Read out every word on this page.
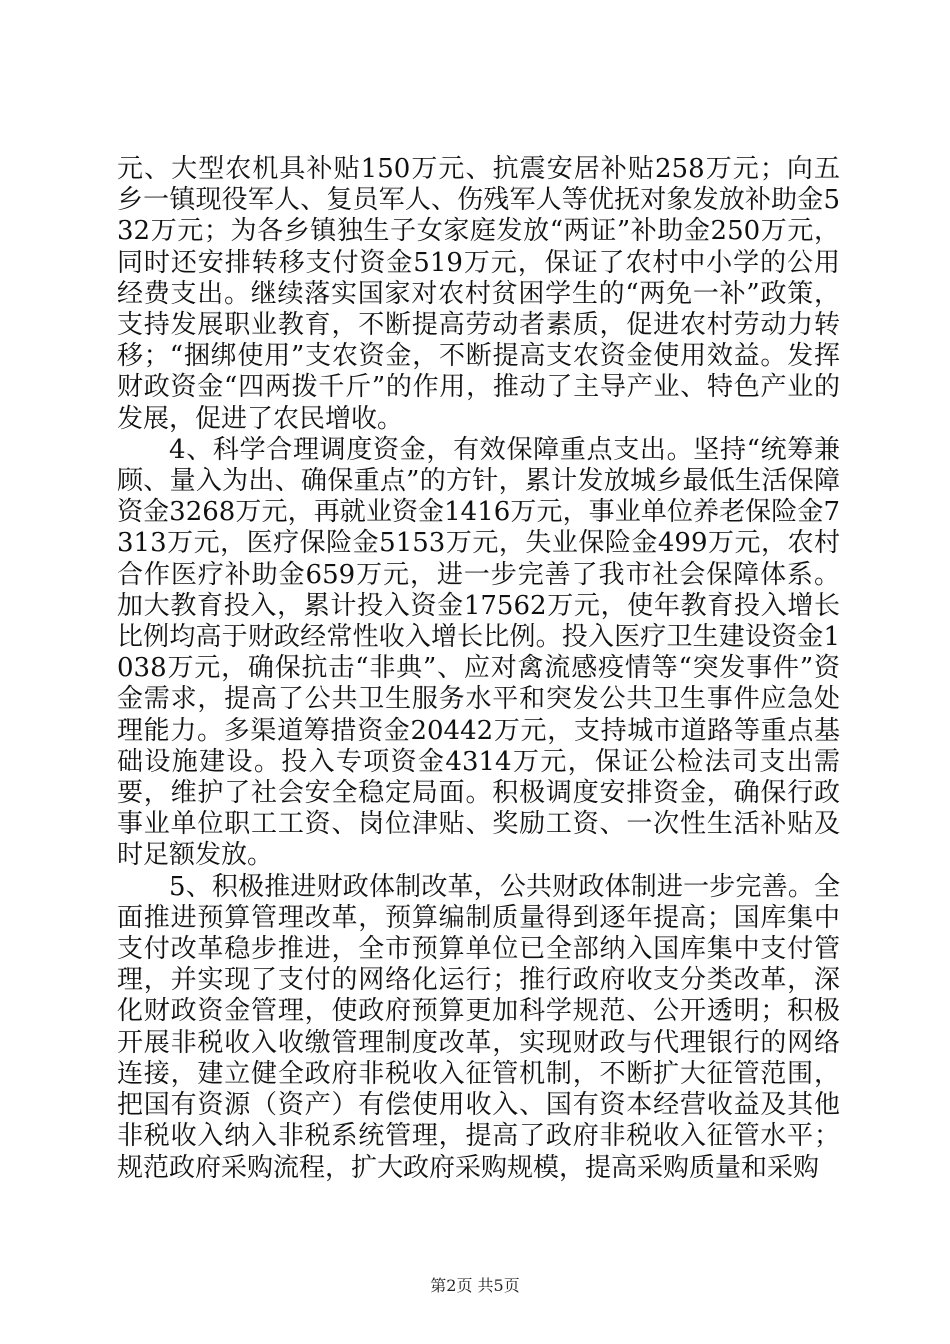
元、大型农机具补贴150万元、抗震安居补贴258万元；向五乡一镇现役军人、复员军人、伤残军人等优抚对象发放补助金532万元；为各乡镇独生子女家庭发放“两证”补助金250万元，同时还安排转移支付资金519万元，保证了农村中小学的公用经费支出。继续落实国家对农村贫困学生的“两免一补”政策，支持发展职业教育，不断提高劳动者素质，促进农村劳动力转移；“捆绑使用”支农资金，不断提高支农资金使用效益。发挥财政资金“四两拨千斤”的作用，推动了主导产业、特色产业的发展，促进了农民增收。

4、科学合理调度资金，有效保障重点支出。坚持“统筹兼顾、量入为出、确保重点”的方针，累计发放城乡最低生活保障资金3268万元，再就业资金1416万元，事业单位养老保险金7313万元，医疗保险金5153万元，失业保险金499万元，农村合作医疗补助金659万元，进一步完善了我市社会保障体系。加大教育投入，累计投入资金17562万元，使年教育投入增长比例均高于财政经常性收入增长比例。投入医疗卫生建设资金1038万元，确保抗击“非典”、应对禽流感疫情等“突发事件”资金需求，提高了公共卫生服务水平和突发公共卫生事件应急处理能力。多渠道筹措资金20442万元，支持城市道路等重点基础设施建设。投入专项资金4314万元，保证公检法司支出需要，维护了社会安全稳定局面。积极调度安排资金，确保行政事业单位职工工资、岗位津贴、奖励工资、一次性生活补贴及时足额发放。

5、积极推进财政体制改革，公共财政体制进一步完善。全面推进预算管理改革，预算编制质量得到逐年提高；国库集中支付改革稳步推进，全市预算单位已全部纳入国库集中支付管理，并实现了支付的网络化运行；推行政府收支分类改革，深化财政资金管理，使政府预算更加科学规范、公开透明；积极开展非税收入收缴管理制度改革，实现财政与代理银行的网络连接，建立健全政府非税收入征管机制，不断扩大征管范围，把国有资源（资产）有偿使用收入、国有资本经营收益及其他非税收入纳入非税系统管理，提高了政府非税收入征管水平；规范政府采购流程，扩大政府采购规模，提高采购质量和采购

第2页 共5页
